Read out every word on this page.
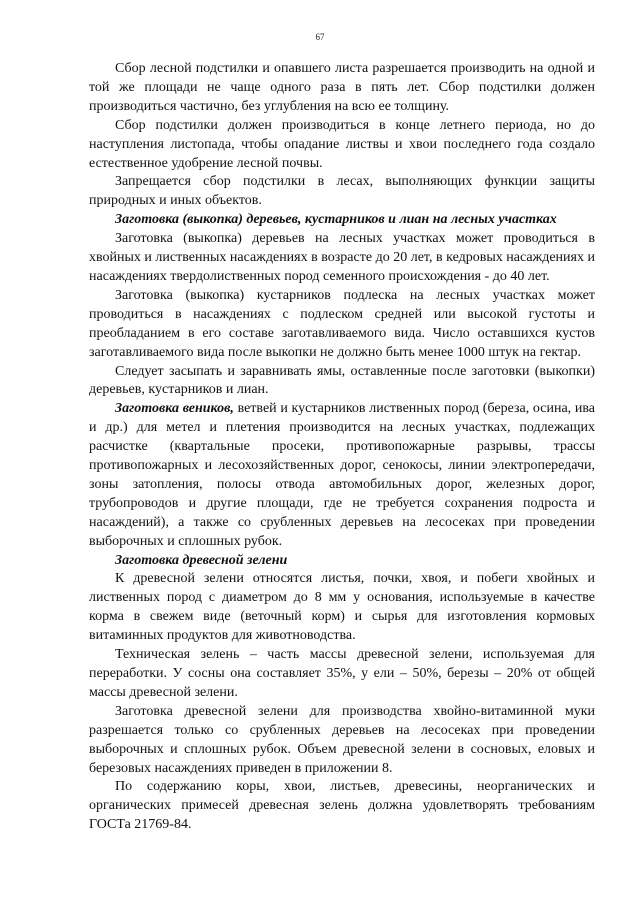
67

Сбор лесной подстилки и опавшего листа разрешается производить на одной и той же площади не чаще одного раза в пять лет. Сбор подстилки должен производиться частично, без углубления на всю ее толщину.

Сбор подстилки должен производиться в конце летнего периода, но до наступления листопада, чтобы опадание листвы и хвои последнего года создало естественное удобрение лесной почвы.

Запрещается сбор подстилки в лесах, выполняющих функции защиты природных и иных объектов.

Заготовка (выкопка) деревьев, кустарников и лиан на лесных участках

Заготовка (выкопка) деревьев на лесных участках может проводиться в хвойных и лиственных насаждениях в возрасте до 20 лет, в кедровых насаждениях и насаждениях твердолиственных пород семенного происхождения - до 40 лет.

Заготовка (выкопка) кустарников подлеска на лесных участках может проводиться в насаждениях с подлеском средней или высокой густоты и преобладанием в его составе заготавливаемого вида. Число оставшихся кустов заготавливаемого вида после выкопки не должно быть менее 1000 штук на гектар.

Следует засыпать и заравнивать ямы, оставленные после заготовки (выкопки) деревьев, кустарников и лиан.

Заготовка веников, ветвей и кустарников лиственных пород (береза, осина, ива и др.) для метел и плетения производится на лесных участках, подлежащих расчистке (квартальные просеки, противопожарные разрывы, трассы противопожарных и лесохозяйственных дорог, сенокосы, линии электропередачи, зоны затопления, полосы отвода автомобильных дорог, железных дорог, трубопроводов и другие площади, где не требуется сохранения подроста и насаждений), а также со срубленных деревьев на лесосеках при проведении выборочных и сплошных рубок.

Заготовка древесной зелени

К древесной зелени относятся листья, почки, хвоя, и побеги хвойных и лиственных пород с диаметром до 8 мм у основания, используемые в качестве корма в свежем виде (веточный корм) и сырья для изготовления кормовых витаминных продуктов для животноводства.

Техническая зелень – часть массы древесной зелени, используемая для переработки. У сосны она составляет 35%, у ели – 50%, березы – 20% от общей массы древесной зелени.

Заготовка древесной зелени для производства хвойно-витаминной муки разрешается только со срубленных деревьев на лесосеках при проведении выборочных и сплошных рубок. Объем древесной зелени в сосновых, еловых и березовых насаждениях приведен в приложении 8.

По содержанию коры, хвои, листьев, древесины, неорганических и органических примесей древесная зелень должна удовлетворять требованиям ГОСТа 21769-84.
